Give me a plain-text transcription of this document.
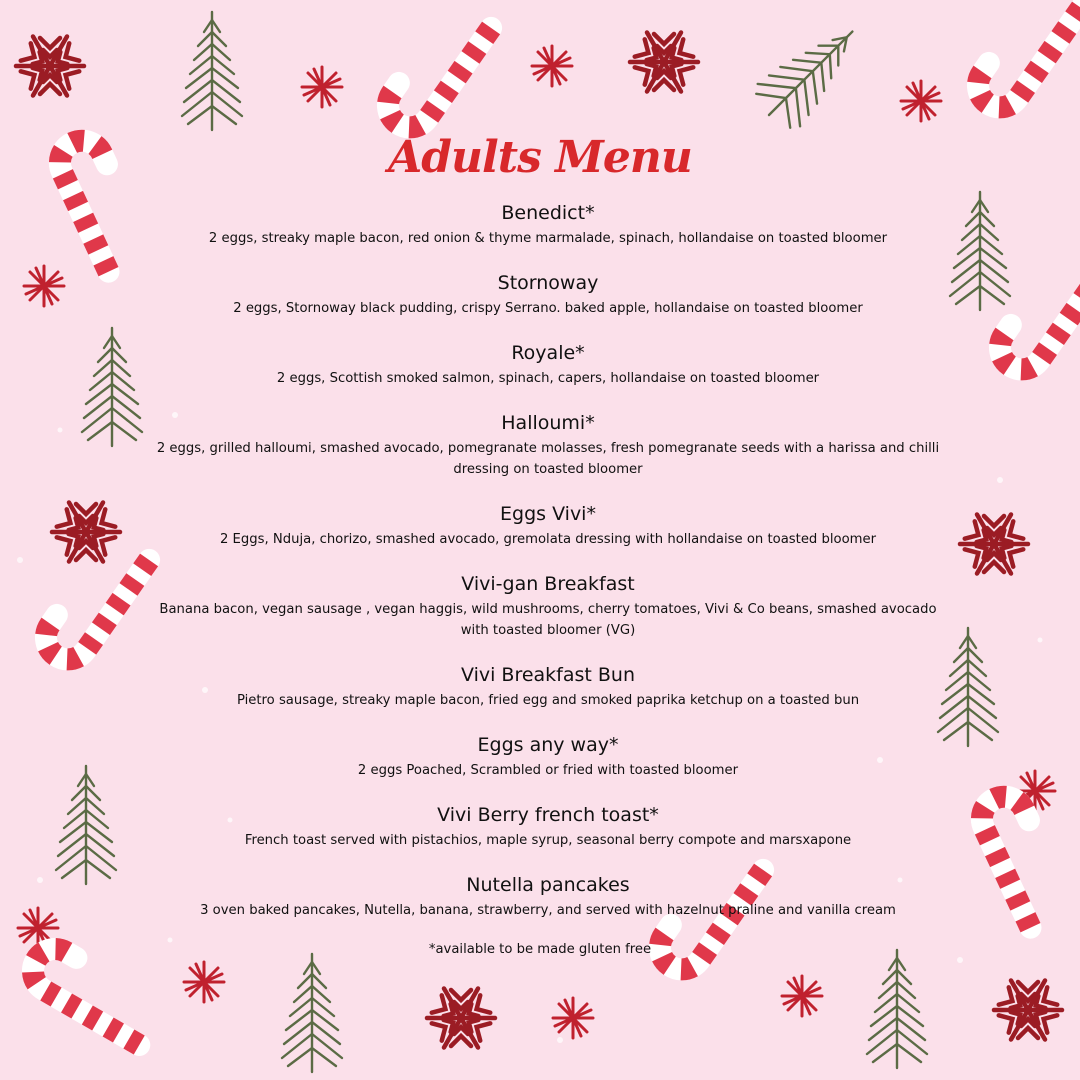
Adults Menu
Benedict*

2 eggs, streaky maple bacon, red onion & thyme marmalade, spinach, hollandaise on toasted bloomer

Stornoway

2 eggs, Stornoway black pudding, crispy Serrano. baked apple, hollandaise on toasted bloomer

Royale*

2 eggs, Scottish smoked salmon, spinach, capers, hollandaise on toasted bloomer

Halloumi*

2 eggs, grilled halloumi, smashed avocado, pomegranate molasses, fresh pomegranate seeds with a harissa and chilli dressing on toasted bloomer

Eggs Vivi*

2 Eggs, Nduja, chorizo, smashed avocado, gremolata dressing with hollandaise on toasted bloomer

Vivi-gan Breakfast

Banana bacon, vegan sausage , vegan haggis, wild mushrooms, cherry tomatoes, Vivi & Co beans, smashed avocado with toasted bloomer (VG)

Vivi Breakfast Bun

Pietro sausage, streaky maple bacon, fried egg and smoked paprika ketchup on a toasted bun

Eggs any way*

2 eggs Poached, Scrambled or fried with toasted bloomer

Vivi Berry french toast*

French toast served with pistachios, maple syrup, seasonal berry compote and marsxapone

Nutella pancakes

3 oven baked pancakes, Nutella, banana, strawberry, and served with hazelnut praline and vanilla cream

*available to be made gluten free
